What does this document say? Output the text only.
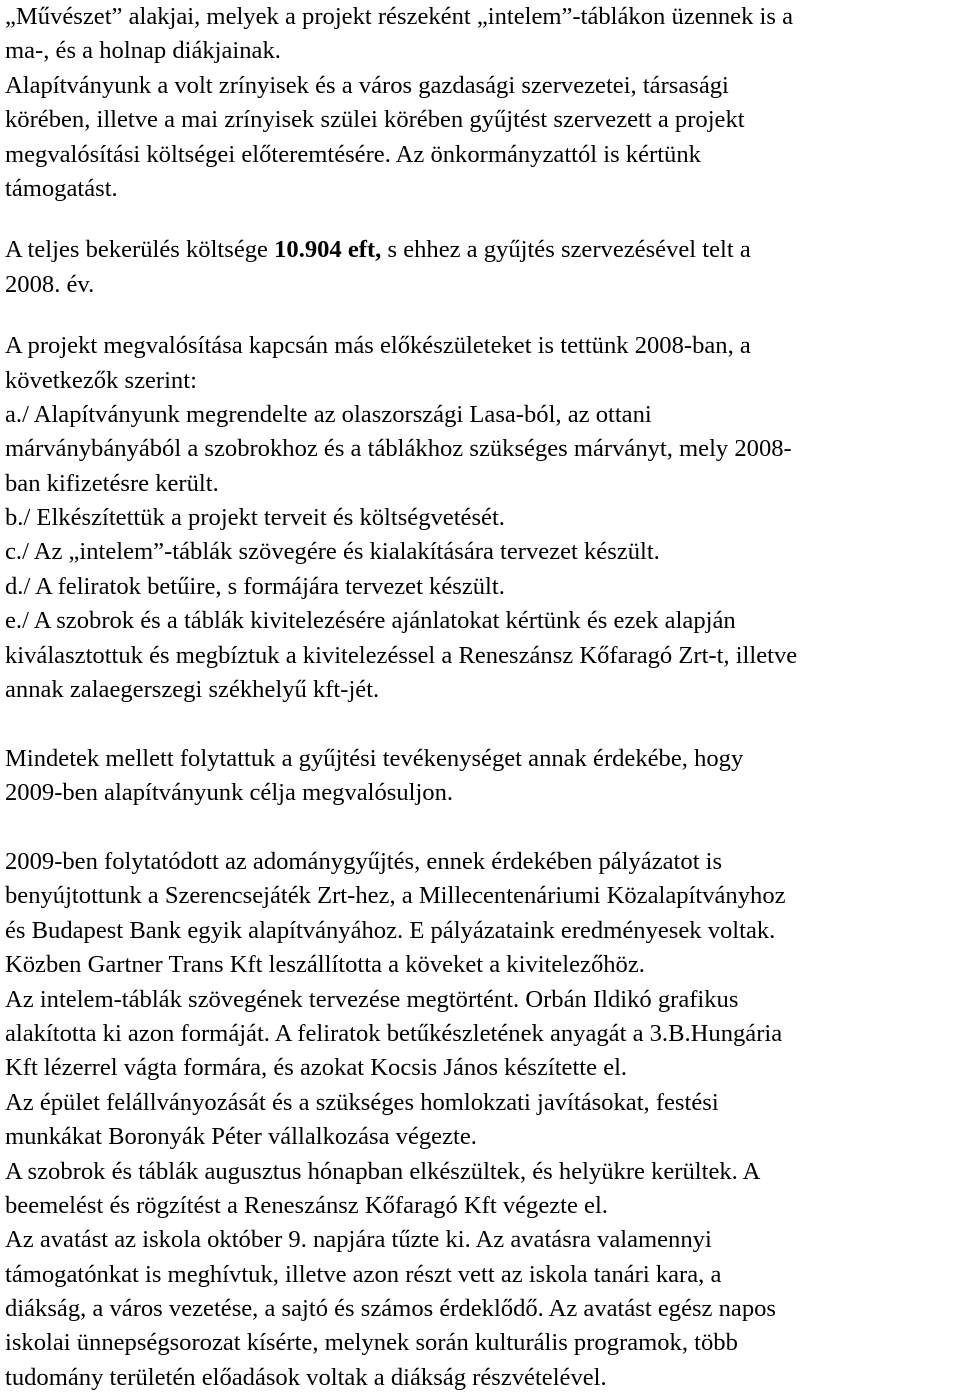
„Művészet” alakjai, melyek a projekt részeként „intelem”-táblákon üzennek is a
ma-, és a holnap diákjainak.
Alapítványunk a volt zrínyisek és a város gazdasági szervezetei, társasági
körében, illetve a mai zrínyisek szülei körében gyűjtést szervezett a projekt
megvalósítási költségei előteremtésére. Az önkormányzattól is kértünk
támogatást.
A teljes bekerülés költsége 10.904 eft, s ehhez a gyűjtés szervezésével telt a
2008. év.
A projekt megvalósítása kapcsán más előkészületeket is tettünk 2008-ban, a
következők szerint:
a./ Alapítványunk megrendelte az olaszországi Lasa-ból, az ottani
márványbányából a szobrokhoz és a táblákhoz szükséges márványt, mely 2008-
ban kifizetésre került.
b./ Elkészítettük a projekt terveit és költségvetését.
c./ Az „intelem”-táblák szövegére és kialakítására tervezet készült.
d./ A feliratok betűire, s formájára tervezet készült.
e./ A szobrok és a táblák kivitelezésére ajánlatokat kértünk és ezek alapján
kiválasztottuk és megbíztuk a kivitelezéssel a Reneszánsz Kőfaragó Zrt-t, illetve
annak zalaegerszegi székhelyű kft-jét.
Mindetek mellett folytattuk a gyűjtési tevékenységet annak érdekébe, hogy
2009-ben alapítványunk célja megvalósuljon.
2009-ben folytatódott az adománygyűjtés, ennek érdekében pályázatot is
benyújtottunk a Szerencsejáték Zrt-hez, a Millecentenáriumi Közalapítványhoz
és Budapest Bank egyik alapítványához. E pályázataink eredményesek voltak.
Közben Gartner Trans Kft leszállította a köveket a kivitelezőhöz.
Az intelem-táblák szövegének tervezése megtörtént. Orbán Ildikó grafikus
alakította ki azon formáját. A feliratok betűkészletének anyagát a 3.B.Hungária
Kft lézerrel vágta formára, és azokat Kocsis János készítette el.
Az épület felállványozását és a szükséges homlokzati javításokat, festési
munkákat Boronyák Péter vállalkozása végezte.
A szobrok és táblák augusztus hónapban elkészültek, és helyükre kerültek. A
beemelést és rögzítést a Reneszánsz Kőfaragó Kft végezte el.
Az avatást az iskola október 9. napjára tűzte ki. Az avatásra valamennyi
támogatónkat is meghívtuk, illetve azon részt vett az iskola tanári kara, a
diákság, a város vezetése, a sajtó és számos érdeklődő. Az avatást egész napos
iskolai ünnepségsorozat kísérte, melynek során kulturális programok, több
tudomány területén előadások voltak a diákság részvételével.
